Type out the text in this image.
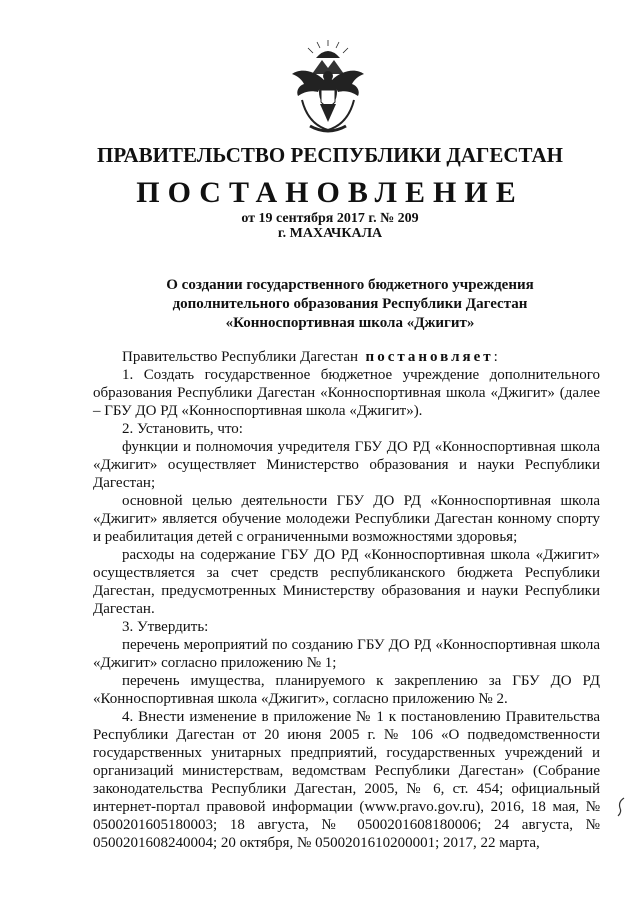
ПРАВИТЕЛЬСТВО РЕСПУБЛИКИ ДАГЕСТАН
ПОСТАНОВЛЕНИЕ
от 19 сентября 2017 г. № 209
г. МАХАЧКАЛА
О создании государственного бюджетного учреждения
дополнительного образования Республики Дагестан
«Конноспортивная школа «Джигит»

Правительство Республики Дагестан постановляет:

1. Создать государственное бюджетное учреждение дополнительного образования Республики Дагестан «Конноспортивная школа «Джигит» (далее – ГБУ ДО РД «Конноспортивная школа «Джигит»).

2. Установить, что:

функции и полномочия учредителя ГБУ ДО РД «Конноспортивная школа «Джигит» осуществляет Министерство образования и науки Республики Дагестан;

основной целью деятельности ГБУ ДО РД «Конноспортивная школа «Джигит» является обучение молодежи Республики Дагестан конному спорту и реабилитация детей с ограниченными возможностями здоровья;

расходы на содержание ГБУ ДО РД «Конноспортивная школа «Джигит» осуществляется за счет средств республиканского бюджета Республики Дагестан, предусмотренных Министерству образования и науки Республики Дагестан.

3. Утвердить:

перечень мероприятий по созданию ГБУ ДО РД «Конноспортивная школа «Джигит» согласно приложению № 1;

перечень имущества, планируемого к закреплению за ГБУ ДО РД «Конноспортивная школа «Джигит», согласно приложению № 2.

4. Внести изменение в приложение № 1 к постановлению Правительства Республики Дагестан от 20 июня 2005 г. № 106 «О подведомственности государственных унитарных предприятий, государственных учреждений и организаций министерствам, ведомствам Республики Дагестан» (Собрание законодательства Республики Дагестан, 2005, № 6, ст. 454; официальный интернет-портал правовой информации (www.pravo.gov.ru), 2016, 18 мая, № 0500201605180003; 18 августа, № 0500201608180006; 24 августа, № 0500201608240004; 20 октября, № 0500201610200001; 2017, 22 марта,
